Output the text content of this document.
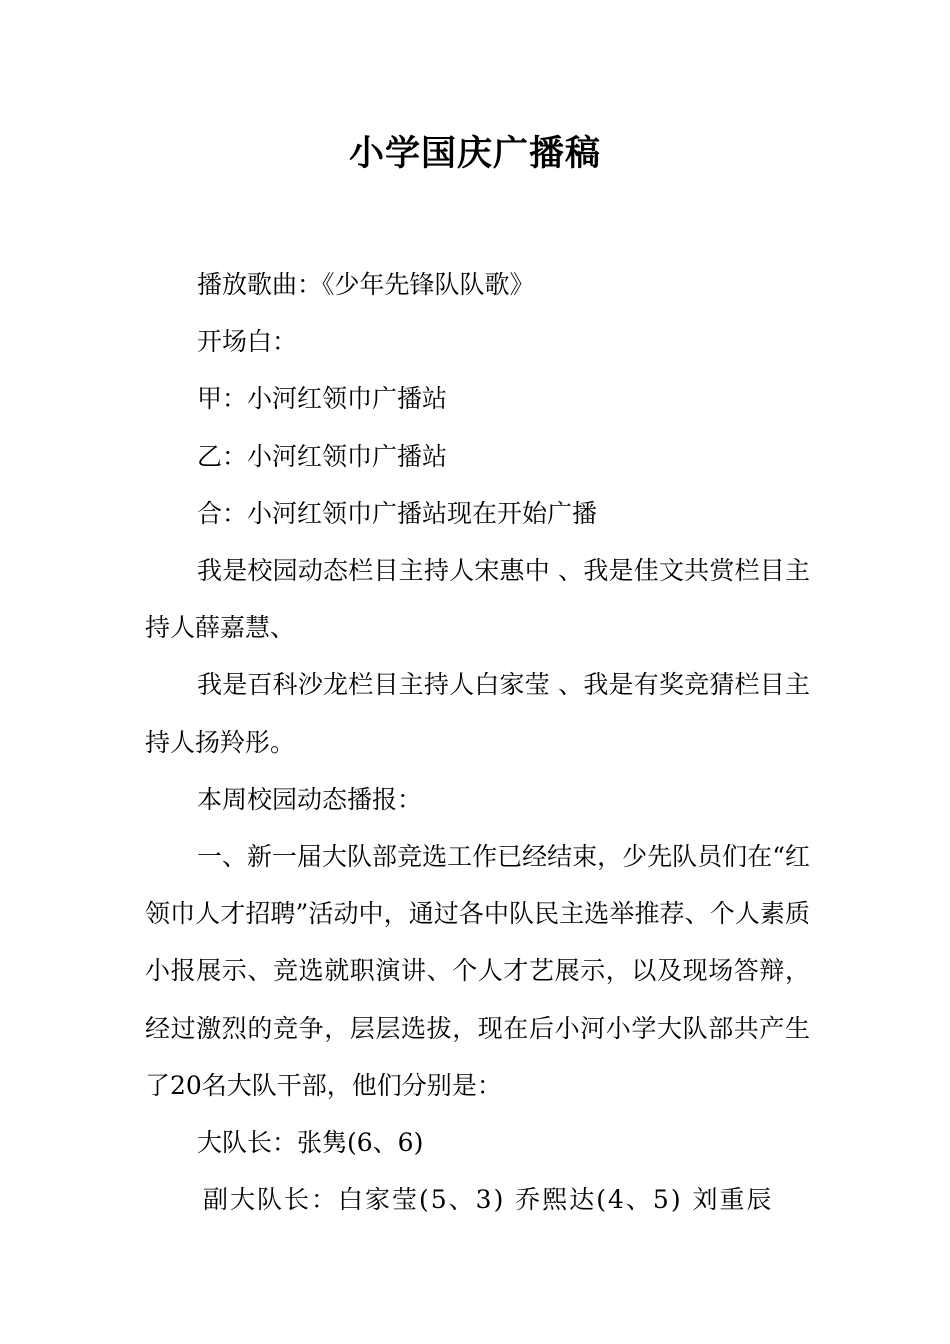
小学国庆广播稿

播放歌曲：《少年先锋队队歌》

开场白：

甲：小河红领巾广播站

乙：小河红领巾广播站

合：小河红领巾广播站现在开始广播

我是校园动态栏目主持人宋惠中 、我是佳文共赏栏目主持人薛嘉慧、

我是百科沙龙栏目主持人白家莹 、我是有奖竞猜栏目主持人扬羚彤。

本周校园动态播报：

一、新一届大队部竞选工作已经结束，少先队员们在“红领巾人才招聘”活动中，通过各中队民主选举推荐、个人素质小报展示、竞选就职演讲、个人才艺展示，以及现场答辩，经过激烈的竞争，层层选拔，现在后小河小学大队部共产生了20名大队干部，他们分别是：

大队长：张隽(6、6)

副大队长：白家莹(5、3) 乔熙达(4、5) 刘重辰
